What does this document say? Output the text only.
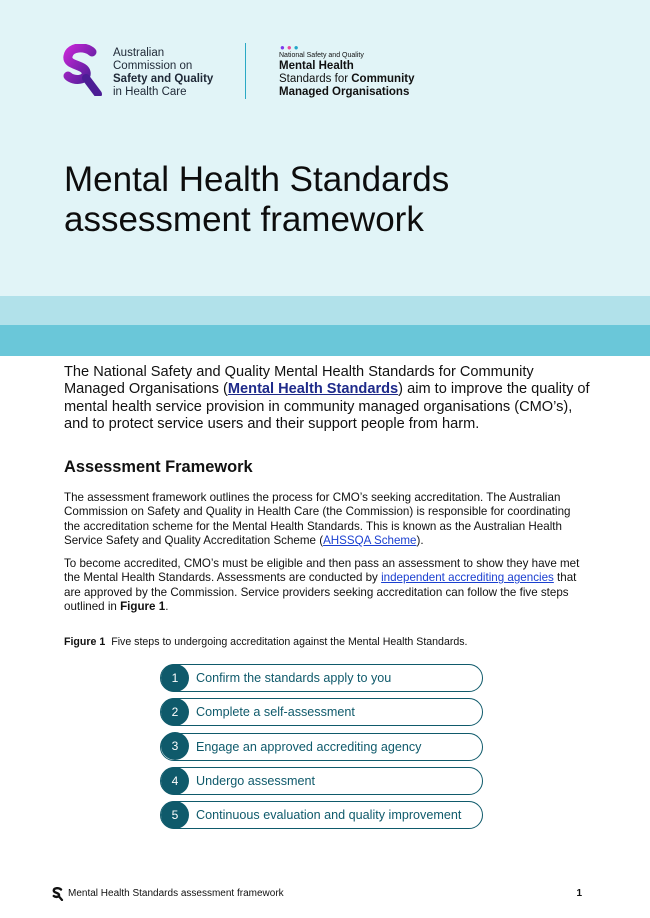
Australian
Commission on
Safety and Quality
in Health Care
●●●
National Safety and Quality
Mental Health
Standards for Community
Managed Organisations
Mental Health Standards
assessment framework

The National Safety and Quality Mental Health Standards for Community Managed Organisations (Mental Health Standards) aim to improve the quality of mental health service provision in community managed organisations (CMO’s), and to protect service users and their support people from harm.

Assessment Framework

The assessment framework outlines the process for CMO’s seeking accreditation. The Australian Commission on Safety and Quality in Health Care (the Commission) is responsible for coordinating the accreditation scheme for the Mental Health Standards. This is known as the Australian Health Service Safety and Quality Accreditation Scheme (AHSSQA Scheme).

To become accredited, CMO’s must be eligible and then pass an assessment to show they have met the Mental Health Standards. Assessments are conducted by independent accrediting agencies that are approved by the Commission. Service providers seeking accreditation can follow the five steps outlined in Figure 1.

Figure 1 Five steps to undergoing accreditation against the Mental Health Standards.

1	Confirm the standards apply to you
2	Complete a self-assessment
3	Engage an approved accrediting agency
4	Undergo assessment
5	Continuous evaluation and quality improvement
Mental Health Standards assessment framework	1
